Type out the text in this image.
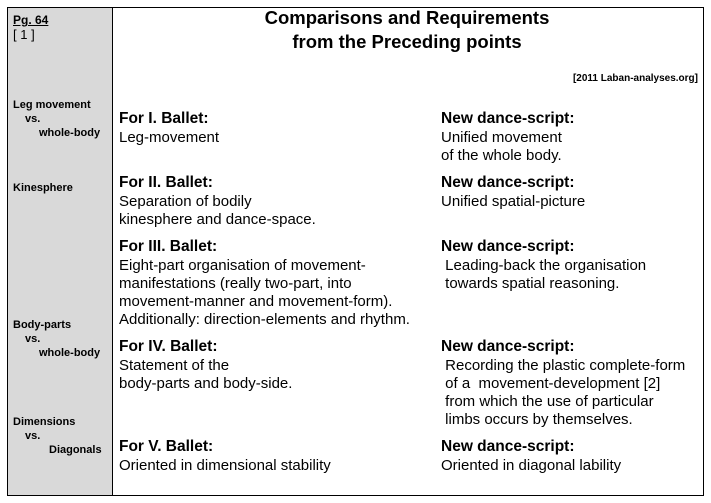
Pg. 64
[ 1 ]
Comparisons and Requirements
from the Preceding points
[2011 Laban-analyses.org]
Leg movement
vs.
whole-body
Kinesphere
Body-parts
vs.
whole-body
Dimensions
vs.
Diagonals
For I. Ballet:
Leg-movement
New dance-script:
Unified movement
of the whole body.
For II. Ballet:
Separation of bodily
kinesphere and dance-space.
New dance-script:
Unified spatial-picture
For III. Ballet:
Eight-part organisation of movement-
manifestations (really two-part, into
movement-manner and movement-form).
Additionally: direction-elements and rhythm.
New dance-script:
Leading-back the organisation
towards spatial reasoning.
For IV. Ballet:
Statement of the
body-parts and body-side.
New dance-script:
Recording the plastic complete-form
of a  movement-development [2]
from which the use of particular
limbs occurs by themselves.
For V. Ballet:
Oriented in dimensional stability
New dance-script:
Oriented in diagonal lability
